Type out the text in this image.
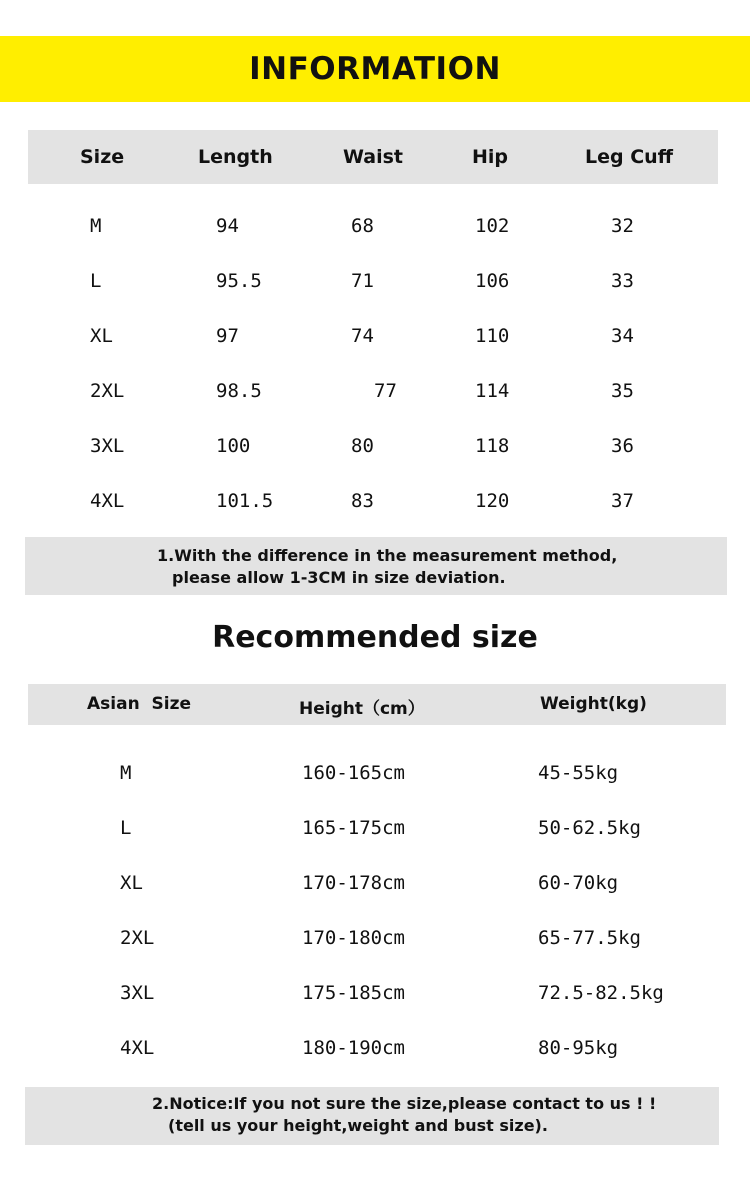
INFORMATION
Size	Length	Waist	Hip	Leg Cuff
M	94	68	102	32
L	95.5	71	106	33
XL	97	74	110	34
2XL	98.5	77	114	35
3XL	100	80	118	36
4XL	101.5	83	120	37
1.With the difference in the measurement method,
please allow 1-3CM in size deviation.
Recommended size
Asian  Size	Height（cm）	Weight(kg)
M	160-165cm	45-55kg
L	165-175cm	50-62.5kg
XL	170-178cm	60-70kg
2XL	170-180cm	65-77.5kg
3XL	175-185cm	72.5-82.5kg
4XL	180-190cm	80-95kg
2.Notice:If you not sure the size,please contact to us ! !
(tell us your height,weight and bust size).
